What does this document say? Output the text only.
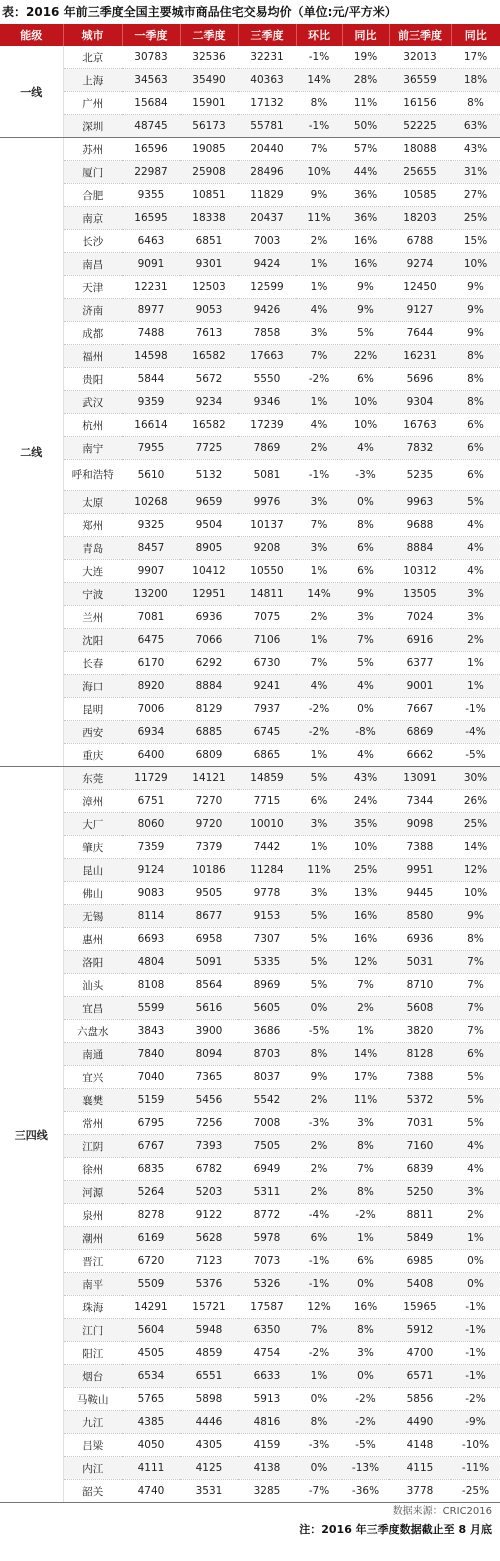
表：2016 年前三季度全国主要城市商品住宅交易均价（单位:元/平方米）
能级	城市	一季度	二季度	三季度	环比	同比	前三季度	同比
一线	北京	30783	32536	32231	-1%	19%	32013	17%
	上海	34563	35490	40363	14%	28%	36559	18%
	广州	15684	15901	17132	8%	11%	16156	8%
	深圳	48745	56173	55781	-1%	50%	52225	63%
二线	苏州	16596	19085	20440	7%	57%	18088	43%
	厦门	22987	25908	28496	10%	44%	25655	31%
	合肥	9355	10851	11829	9%	36%	10585	27%
	南京	16595	18338	20437	11%	36%	18203	25%
	长沙	6463	6851	7003	2%	16%	6788	15%
	南昌	9091	9301	9424	1%	16%	9274	10%
	天津	12231	12503	12599	1%	9%	12450	9%
	济南	8977	9053	9426	4%	9%	9127	9%
	成都	7488	7613	7858	3%	5%	7644	9%
	福州	14598	16582	17663	7%	22%	16231	8%
	贵阳	5844	5672	5550	-2%	6%	5696	8%
	武汉	9359	9234	9346	1%	10%	9304	8%
	杭州	16614	16582	17239	4%	10%	16763	6%
	南宁	7955	7725	7869	2%	4%	7832	6%
	呼和浩特	5610	5132	5081	-1%	-3%	5235	6%
	太原	10268	9659	9976	3%	0%	9963	5%
	郑州	9325	9504	10137	7%	8%	9688	4%
	青岛	8457	8905	9208	3%	6%	8884	4%
	大连	9907	10412	10550	1%	6%	10312	4%
	宁波	13200	12951	14811	14%	9%	13505	3%
	兰州	7081	6936	7075	2%	3%	7024	3%
	沈阳	6475	7066	7106	1%	7%	6916	2%
	长春	6170	6292	6730	7%	5%	6377	1%
	海口	8920	8884	9241	4%	4%	9001	1%
	昆明	7006	8129	7937	-2%	0%	7667	-1%
	西安	6934	6885	6745	-2%	-8%	6869	-4%
	重庆	6400	6809	6865	1%	4%	6662	-5%
三四线	东莞	11729	14121	14859	5%	43%	13091	30%
	漳州	6751	7270	7715	6%	24%	7344	26%
	大厂	8060	9720	10010	3%	35%	9098	25%
	肇庆	7359	7379	7442	1%	10%	7388	14%
	昆山	9124	10186	11284	11%	25%	9951	12%
	佛山	9083	9505	9778	3%	13%	9445	10%
	无锡	8114	8677	9153	5%	16%	8580	9%
	惠州	6693	6958	7307	5%	16%	6936	8%
	洛阳	4804	5091	5335	5%	12%	5031	7%
	汕头	8108	8564	8969	5%	7%	8710	7%
	宜昌	5599	5616	5605	0%	2%	5608	7%
	六盘水	3843	3900	3686	-5%	1%	3820	7%
	南通	7840	8094	8703	8%	14%	8128	6%
	宜兴	7040	7365	8037	9%	17%	7388	5%
	襄樊	5159	5456	5542	2%	11%	5372	5%
	常州	6795	7256	7008	-3%	3%	7031	5%
	江阴	6767	7393	7505	2%	8%	7160	4%
	徐州	6835	6782	6949	2%	7%	6839	4%
	河源	5264	5203	5311	2%	8%	5250	3%
	泉州	8278	9122	8772	-4%	-2%	8811	2%
	潮州	6169	5628	5978	6%	1%	5849	1%
	晋江	6720	7123	7073	-1%	6%	6985	0%
	南平	5509	5376	5326	-1%	0%	5408	0%
	珠海	14291	15721	17587	12%	16%	15965	-1%
	江门	5604	5948	6350	7%	8%	5912	-1%
	阳江	4505	4859	4754	-2%	3%	4700	-1%
	烟台	6534	6551	6633	1%	0%	6571	-1%
	马鞍山	5765	5898	5913	0%	-2%	5856	-2%
	九江	4385	4446	4816	8%	-2%	4490	-9%
	吕梁	4050	4305	4159	-3%	-5%	4148	-10%
	内江	4111	4125	4138	0%	-13%	4115	-11%
	韶关	4740	3531	3285	-7%	-36%	3778	-25%
数据来源：CRIC2016
注：2016 年三季度数据截止至 8 月底
